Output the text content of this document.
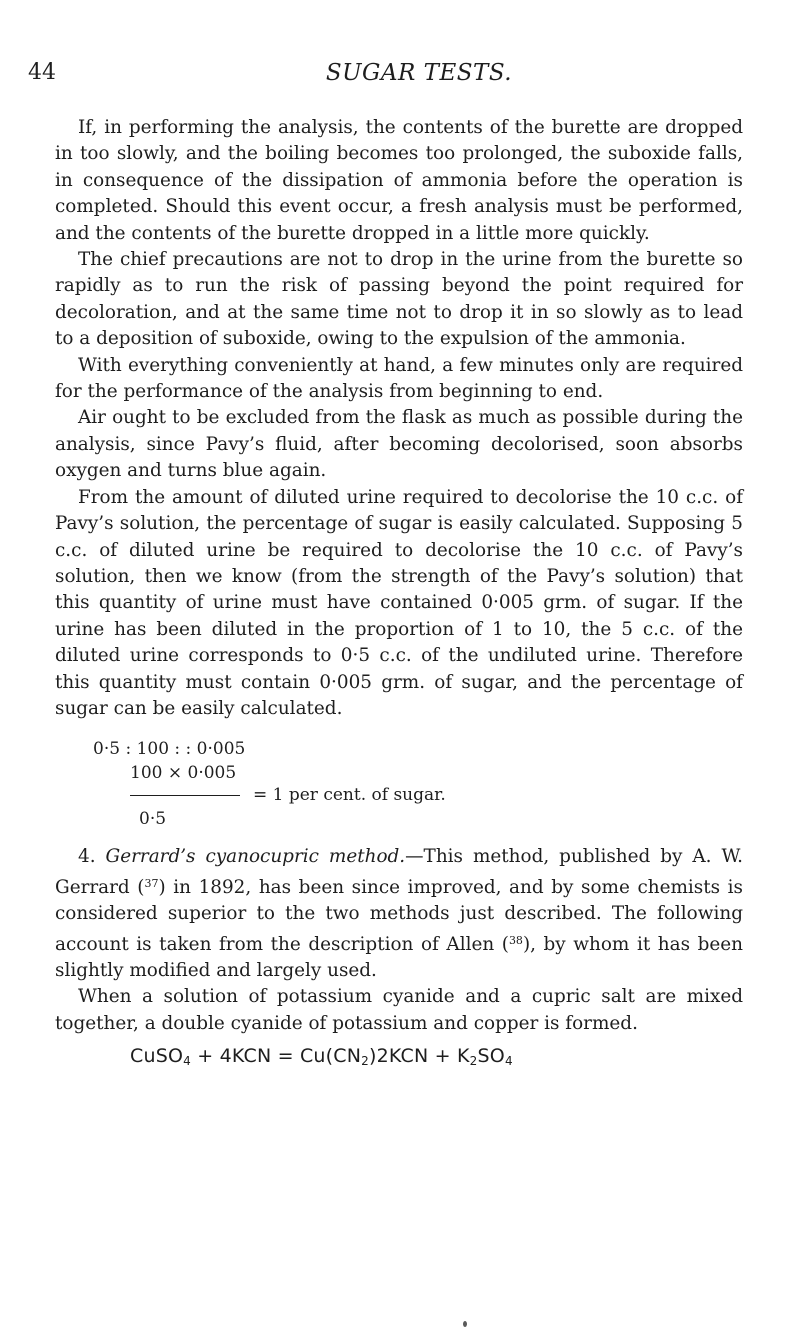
44	SUGAR TESTS.

If, in performing the analysis, the contents of the burette are dropped in too slowly, and the boiling becomes too prolonged, the suboxide falls, in consequence of the dissipation of ammonia before the operation is completed. Should this event occur, a fresh analysis must be performed, and the contents of the burette dropped in a little more quickly.

The chief precautions are not to drop in the urine from the burette so rapidly as to run the risk of passing beyond the point required for decoloration, and at the same time not to drop it in so slowly as to lead to a deposition of suboxide, owing to the expulsion of the ammonia.

With everything conveniently at hand, a few minutes only are required for the performance of the analysis from beginning to end.

Air ought to be excluded from the flask as much as possible during the analysis, since Pavy’s fluid, after becoming decolorised, soon absorbs oxygen and turns blue again.

From the amount of diluted urine required to decolorise the 10 c.c. of Pavy’s solution, the percentage of sugar is easily calculated. Supposing 5 c.c. of diluted urine be required to decolorise the 10 c.c. of Pavy’s solution, then we know (from the strength of the Pavy’s solution) that this quantity of urine must have contained 0·005 grm. of sugar. If the urine has been diluted in the proportion of 1 to 10, the 5 c.c. of the diluted urine corresponds to 0·5 c.c. of the undiluted urine. Therefore this quantity must contain 0·005 grm. of sugar, and the percentage of sugar can be easily calculated.

0·5 : 100 : : 0·005
100 × 0·005
= 1 per cent. of sugar.
0·5

4. Gerrard’s cyanocupric method.—This method, published by A. W. Gerrard ($^{37}$) in 1892, has been since improved, and by some chemists is considered superior to the two methods just described. The following account is taken from the description of Allen ($^{38}$), by whom it has been slightly modified and largely used.

When a solution of potassium cyanide and a cupric salt are mixed together, a double cyanide of potassium and copper is formed.

CuSO$_4$ + $4KCN = Cu(CN_2)2KCN + K_2SO_4$
